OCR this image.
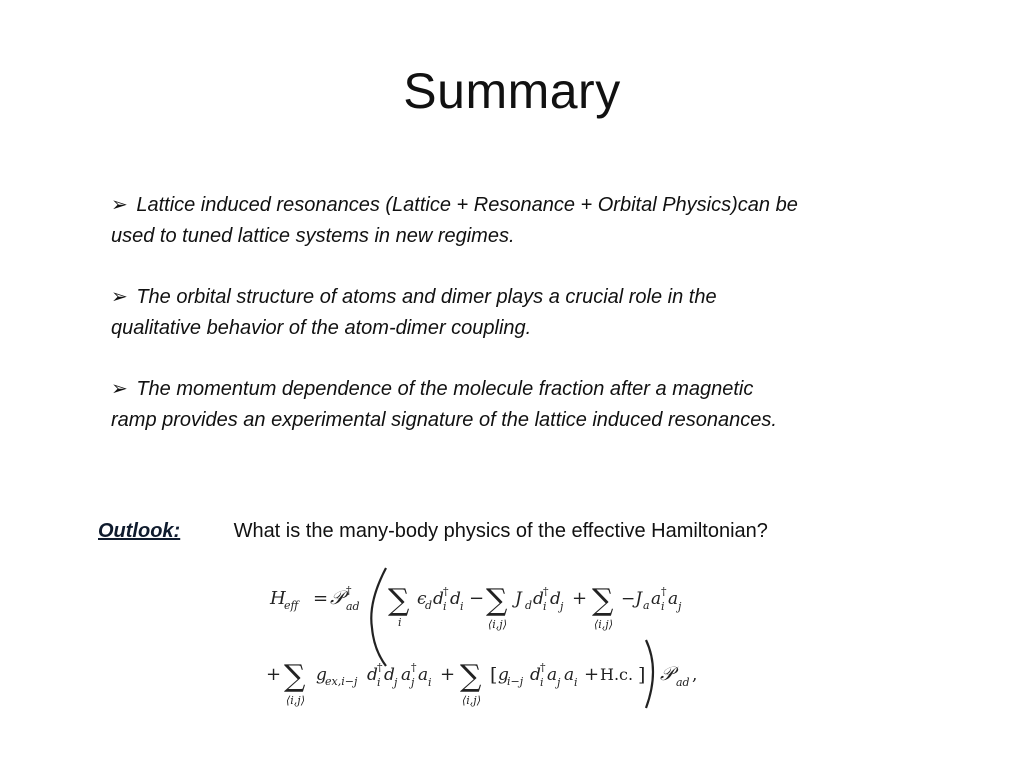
Summary
➢ Lattice induced resonances (Lattice + Resonance + Orbital Physics)can be used to tuned lattice systems in new regimes.
➢ The orbital structure of atoms and dimer plays a crucial role in the qualitative behavior of the atom-dimer coupling.
➢ The momentum dependence of the molecule fraction after a magnetic ramp provides an experimental signature of the lattice induced resonances.
Outlook:	What is the many-body physics of the effective Hamiltonian?
H
eff = 𝒫 †
ad ∑
i
ϵ
d d †
i d i − ∑
⟨i,j⟩
J d d †
i d j + ∑
⟨i,j⟩
−J a a †
i a j
+ ∑
⟨i,j⟩
g
ex,i−j d †
i d j a †
j a i + ∑
⟨i,j⟩
[ g
i−j d †
i a j a i + H.c. ] 𝒫 ad ,
